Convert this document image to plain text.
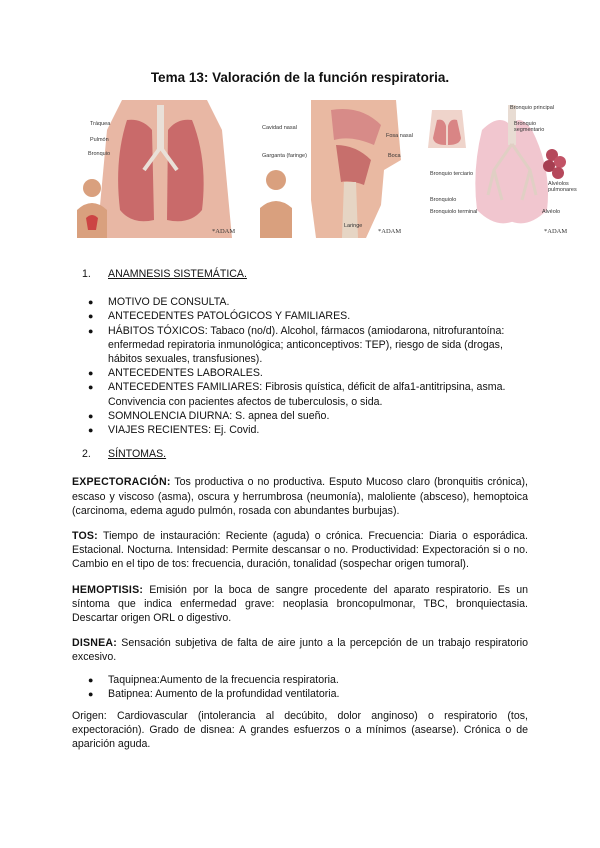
Tema 13: Valoración de la función respiratoria.
Tráquea
Pulmón
Bronquio
*ADAM
Cavidad nasal
Garganta (faringe)
Fosa nasal
Boca
Laringe
*ADAM
Bronquio principal
Bronquio segmentario
Bronquio terciario
Bronquiolo
Bronquiolo terminal
Alvéolos pulmonares
Alvéolo
*ADAM
1. ANAMNESIS SISTEMÁTICA.
● MOTIVO DE CONSULTA.
● ANTECEDENTES PATOLÓGICOS Y FAMILIARES.
● HÁBITOS TÓXICOS: Tabaco (no/d). Alcohol, fármacos (amiodarona, nitrofurantoína: enfermedad repiratoria inmunológica; anticonceptivos: TEP), riesgo de sida (drogas, hábitos sexuales, transfusiones).
● ANTECEDENTES LABORALES.
● ANTECEDENTES FAMILIARES: Fibrosis quística, déficit de alfa1-antitripsina, asma. Convivencia con pacientes afectos de tuberculosis, o sida.
● SOMNOLENCIA DIURNA: S. apnea del sueño.
● VIAJES RECIENTES: Ej. Covid.
2. SÍNTOMAS.

EXPECTORACIÓN: Tos productiva o no productiva. Esputo Mucoso claro (bronquitis crónica), escaso y viscoso (asma), oscura y herrumbrosa (neumonía), maloliente (absceso), hemoptoica (carcinoma, edema agudo pulmón, rosada con abundantes burbujas).

TOS: Tiempo de instauración: Reciente (aguda) o crónica. Frecuencia: Diaria o esporádica. Estacional. Nocturna. Intensidad: Permite descansar o no. Productividad: Expectoración si o no. Cambio en el tipo de tos: frecuencia, duración, tonalidad (sospechar origen tumoral).

HEMOPTISIS: Emisión por la boca de sangre procedente del aparato respiratorio. Es un síntoma que indica enfermedad grave: neoplasia broncopulmonar, TBC, bronquiectasia. Descartar origen ORL o digestivo.

DISNEA: Sensación subjetiva de falta de aire junto a la percepción de un trabajo respiratorio excesivo.

● Taquipnea:Aumento de la frecuencia respiratoria.
● Batipnea: Aumento de la profundidad ventilatoria.

Origen: Cardiovascular (intolerancia al decúbito, dolor anginoso) o respiratorio (tos, expectoración). Grado de disnea: A grandes esfuerzos o a mínimos (asearse). Crónica o de aparición aguda.
